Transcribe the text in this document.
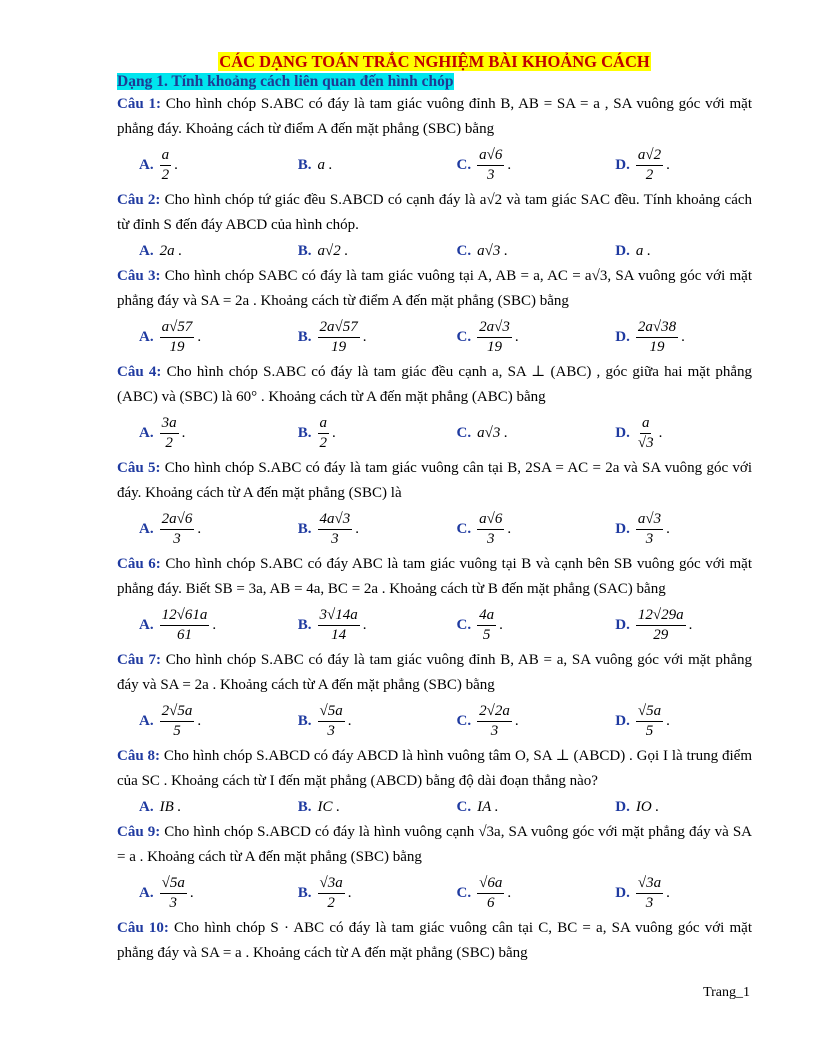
CÁC DẠNG TOÁN TRẮC NGHIỆM BÀI KHOẢNG CÁCH
Dạng 1. Tính khoảng cách liên quan đến hình chóp
Câu 1: Cho hình chóp S.ABC có đáy là tam giác vuông đỉnh B, AB = SA = a , SA vuông góc với mặt phẳng đáy. Khoảng cách từ điểm A đến mặt phẳng (SBC) bằng
A. $\frac{a}{2}$ .	B. a .	C. $\frac{a√6}{3}$ .	D. $\frac{a√2}{2}$ .
Câu 2: Cho hình chóp tứ giác đều S.ABCD có cạnh đáy là a√2 và tam giác SAC đều. Tính khoảng cách từ đỉnh S đến đáy ABCD của hình chóp.
A. 2a .	B. a√2 .	C. a√3 .	D. a .
Câu 3: Cho hình chóp SABC có đáy là tam giác vuông tại A, AB = a, AC = a√3, SA vuông góc với mặt phẳng đáy và SA = 2a . Khoảng cách từ điểm A đến mặt phẳng (SBC) bằng
A. $\frac{a√57}{19}$ .	B. $\frac{2a√57}{19}$ .	C. $\frac{2a√3}{19}$ .	D. $\frac{2a√38}{19}$ .
Câu 4: Cho hình chóp S.ABC có đáy là tam giác đều cạnh a, SA ⊥ (ABC) , góc giữa hai mặt phẳng (ABC) và (SBC) là 60° . Khoảng cách từ A đến mặt phẳng (ABC) bằng
A. $\frac{3a}{2}$ .	B. $\frac{a}{2}$ .	C. a√3 .	D. $\frac{a}{√3}$ .
Câu 5: Cho hình chóp S.ABC có đáy là tam giác vuông cân tại B, 2SA = AC = 2a và SA vuông góc với đáy. Khoảng cách từ A đến mặt phẳng (SBC) là
A. $\frac{2a√6}{3}$ .	B. $\frac{4a√3}{3}$ .	C. $\frac{a√6}{3}$ .	D. $\frac{a√3}{3}$ .
Câu 6: Cho hình chóp S.ABC có đáy ABC là tam giác vuông tại B và cạnh bên SB vuông góc với mặt phẳng đáy. Biết SB = 3a, AB = 4a, BC = 2a . Khoảng cách từ B đến mặt phẳng (SAC) bằng
A. $\frac{12√61a}{61}$ .	B. $\frac{3√14a}{14}$ .	C. $\frac{4a}{5}$ .	D. $\frac{12√29a}{29}$ .
Câu 7: Cho hình chóp S.ABC có đáy là tam giác vuông đỉnh B, AB = a, SA vuông góc với mặt phẳng đáy và SA = 2a . Khoảng cách từ A đến mặt phẳng (SBC) bằng
A. $\frac{2√5a}{5}$ .	B. $\frac{√5a}{3}$ .	C. $\frac{2√2a}{3}$ .	D. $\frac{√5a}{5}$ .
Câu 8: Cho hình chóp S.ABCD có đáy ABCD là hình vuông tâm O, SA ⊥ (ABCD) . Gọi I là trung điểm của SC . Khoảng cách từ I đến mặt phẳng (ABCD) bằng độ dài đoạn thẳng nào?
A. IB .	B. IC .	C. IA .	D. IO .
Câu 9: Cho hình chóp S.ABCD có đáy là hình vuông cạnh √3a, SA vuông góc với mặt phẳng đáy và SA = a . Khoảng cách từ A đến mặt phẳng (SBC) bằng
A. $\frac{√5a}{3}$ .	B. $\frac{√3a}{2}$ .	C. $\frac{√6a}{6}$ .	D. $\frac{√3a}{3}$ .
Câu 10: Cho hình chóp S · ABC có đáy là tam giác vuông cân tại C, BC = a, SA vuông góc với mặt phẳng đáy và SA = a . Khoảng cách từ A đến mặt phẳng (SBC) bằng
Trang_1
